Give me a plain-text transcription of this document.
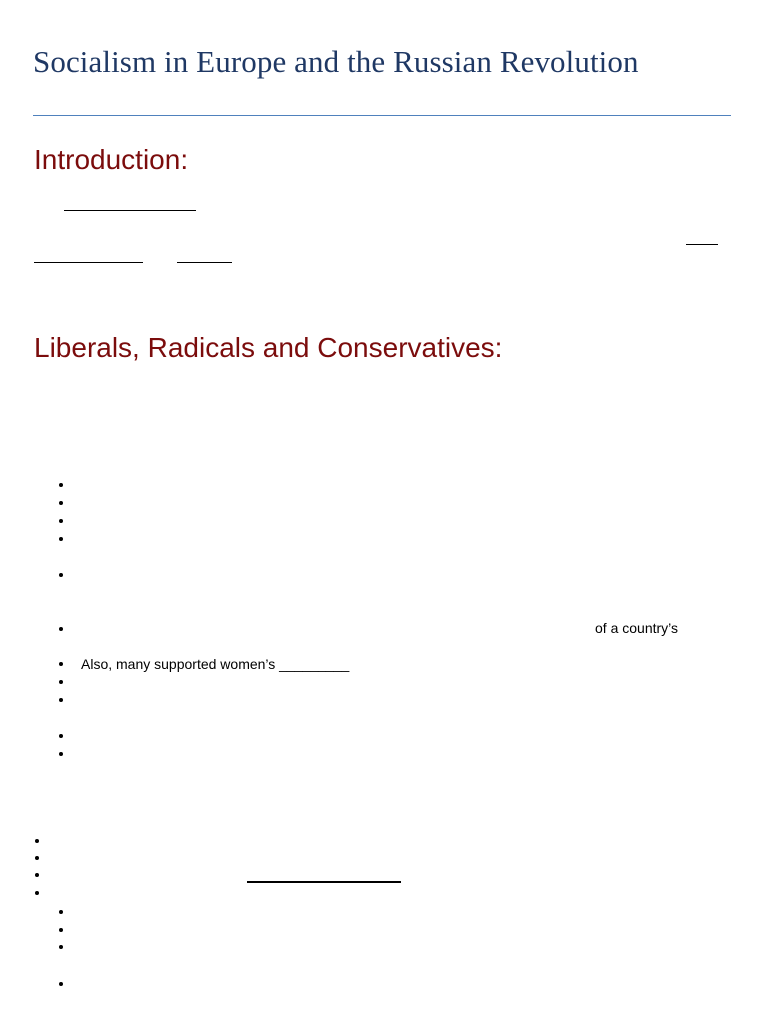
Socialism in Europe and the Russian Revolution
Introduction:
Liberals, Radicals and Conservatives:
of a country’s
Also, many supported women’s _________
